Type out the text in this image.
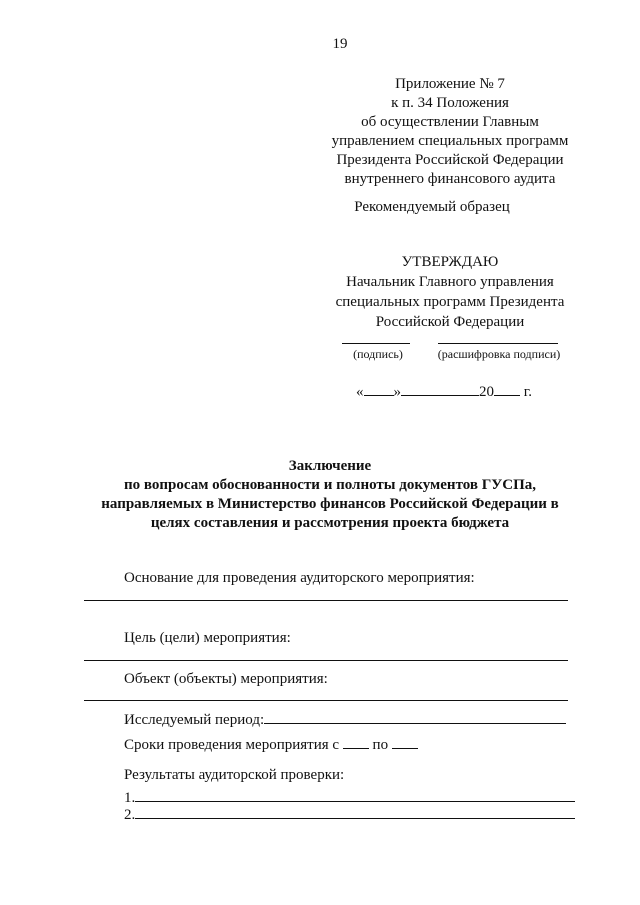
19
Приложение № 7
к п. 34 Положения
об осуществлении Главным
управлением специальных программ
Президента Российской Федерации
внутреннего финансового аудита
Рекомендуемый образец
УТВЕРЖДАЮ
Начальник Главного управления
специальных программ Президента
Российской Федерации
(подпись)	(расшифровка подписи)
« »	20 г.
Заключение
по вопросам обоснованности и полноты документов ГУСПа,
направляемых в Министерство финансов Российской Федерации в
целях составления и рассмотрения проекта бюджета
Основание для проведения аудиторского мероприятия:
Цель (цели) мероприятия:
Объект (объекты) мероприятия:
Исследуемый период:
Сроки проведения мероприятия с по
Результаты аудиторской проверки:
1.
2.
